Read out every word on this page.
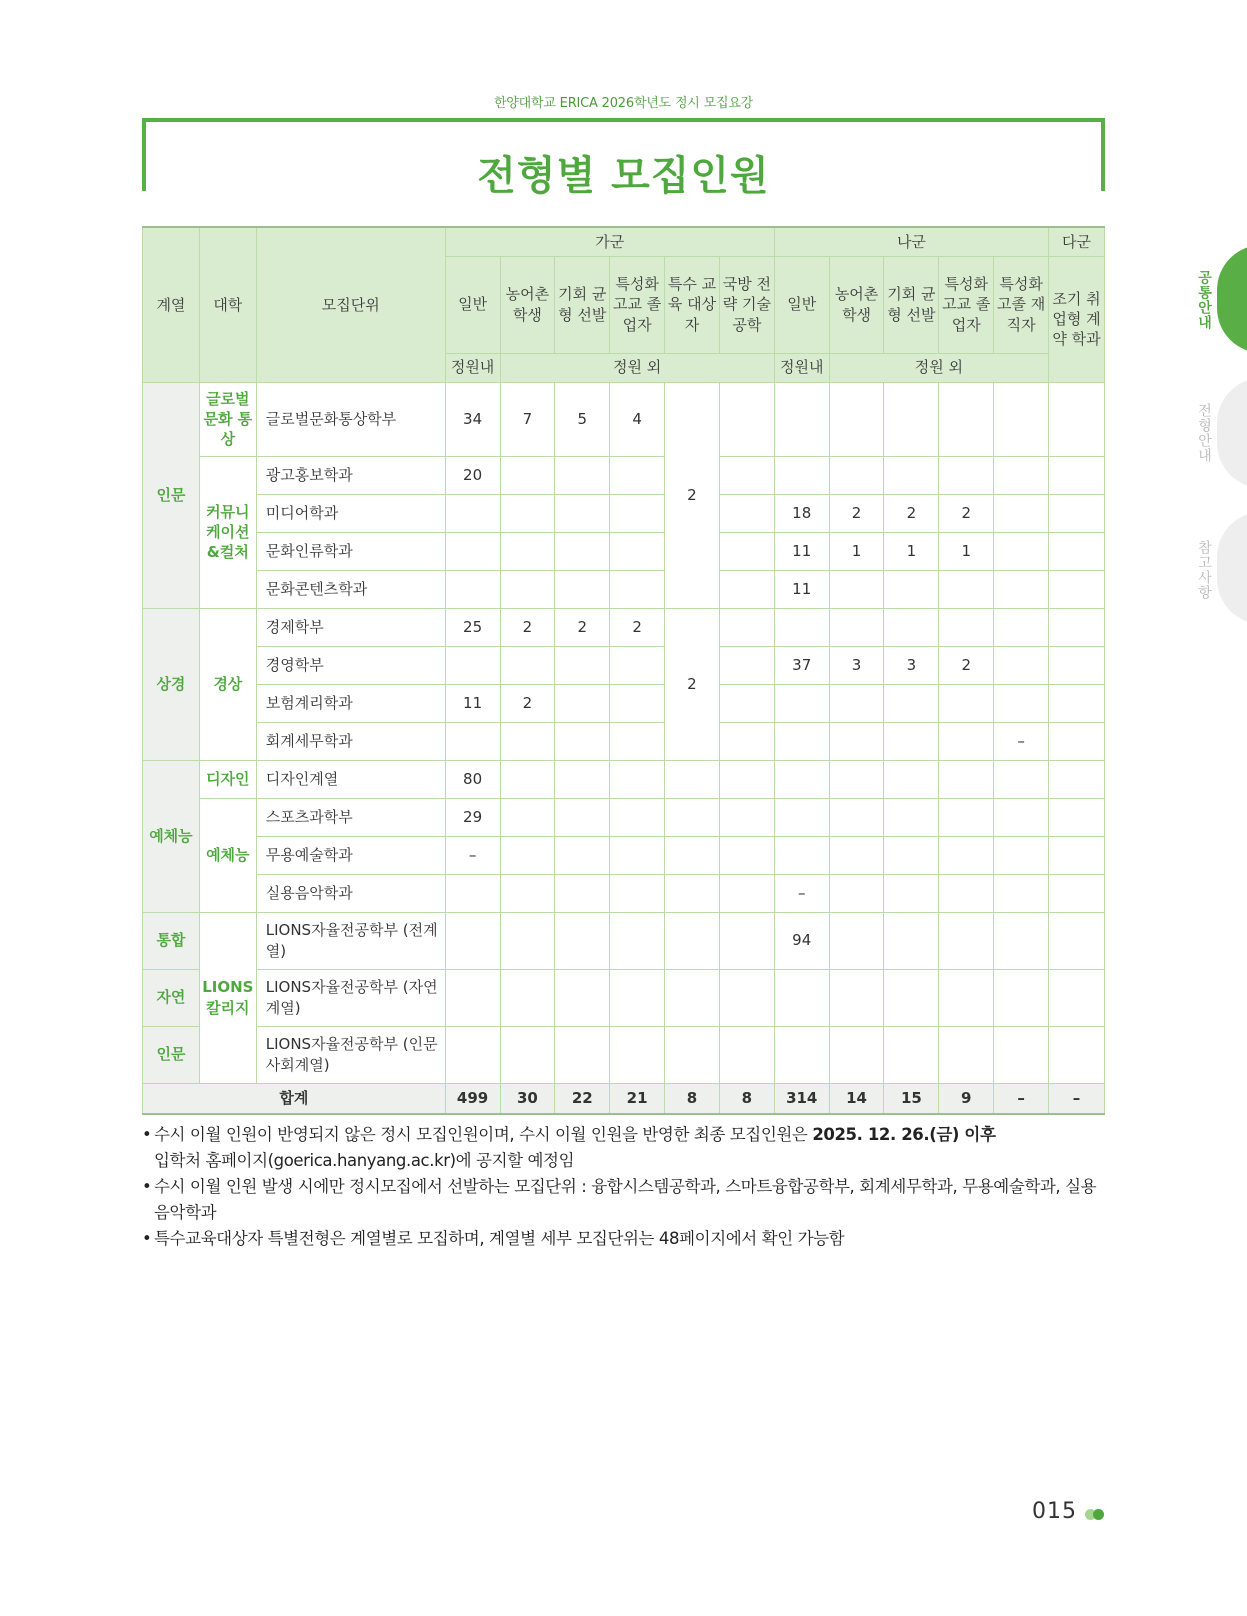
한양대학교 ERICA 2026학년도 정시 모집요강
전형별 모집인원
계열	대학	모집단위	가군						나군					다군
			일반	농어촌 학생	기회 균형 선발	특성화 고교 졸업자	특수 교육 대상자	국방 전략 기술 공학	일반	농어촌 학생	기회 균형 선발	특성화 고교 졸업자	특성화 고졸 재직자	조기 취업형 계약 학과
			정원내	정원 외					정원내	정원 외				
인문	글로벌 문화 통상	글로벌문화통상학부	34	7	5	4	2							
	커뮤니 케이션 &컬처	광고홍보학과	20											
		미디어학과							18	2	2	2		
		문화인류학과							11	1	1	1		
		문화콘텐츠학과							11					
상경	경상	경제학부	25	2	2	2	2							
		경영학부							37	3	3	2		
		보험계리학과	11	2										
		회계세무학과											–	
예체능	디자인	디자인계열	80											
	예체능	스포츠과학부	29											
		무용예술학과	–											
		실용음악학과							–					
통합	LIONS 칼리지	LIONS자율전공학부 (전계열)							94					
자연		LIONS자율전공학부 (자연계열)												
인문		LIONS자율전공학부 (인문사회계열)												
합계			499	30	22	21	8	8	314	14	15	9	–	–
• 수시 이월 인원이 반영되지 않은 정시 모집인원이며, 수시 이월 인원을 반영한 최종 모집인원은 2025. 12. 26.(금) 이후
입학처 홈페이지(goerica.hanyang.ac.kr)에 공지할 예정임
• 수시 이월 인원 발생 시에만 정시모집에서 선발하는 모집단위 : 융합시스템공학과, 스마트융합공학부, 회계세무학과, 무용예술학과, 실용음악학과
• 특수교육대상자 특별전형은 계열별로 모집하며, 계열별 세부 모집단위는 48페이지에서 확인 가능함
공통안내
전형안내
참고사항
015
